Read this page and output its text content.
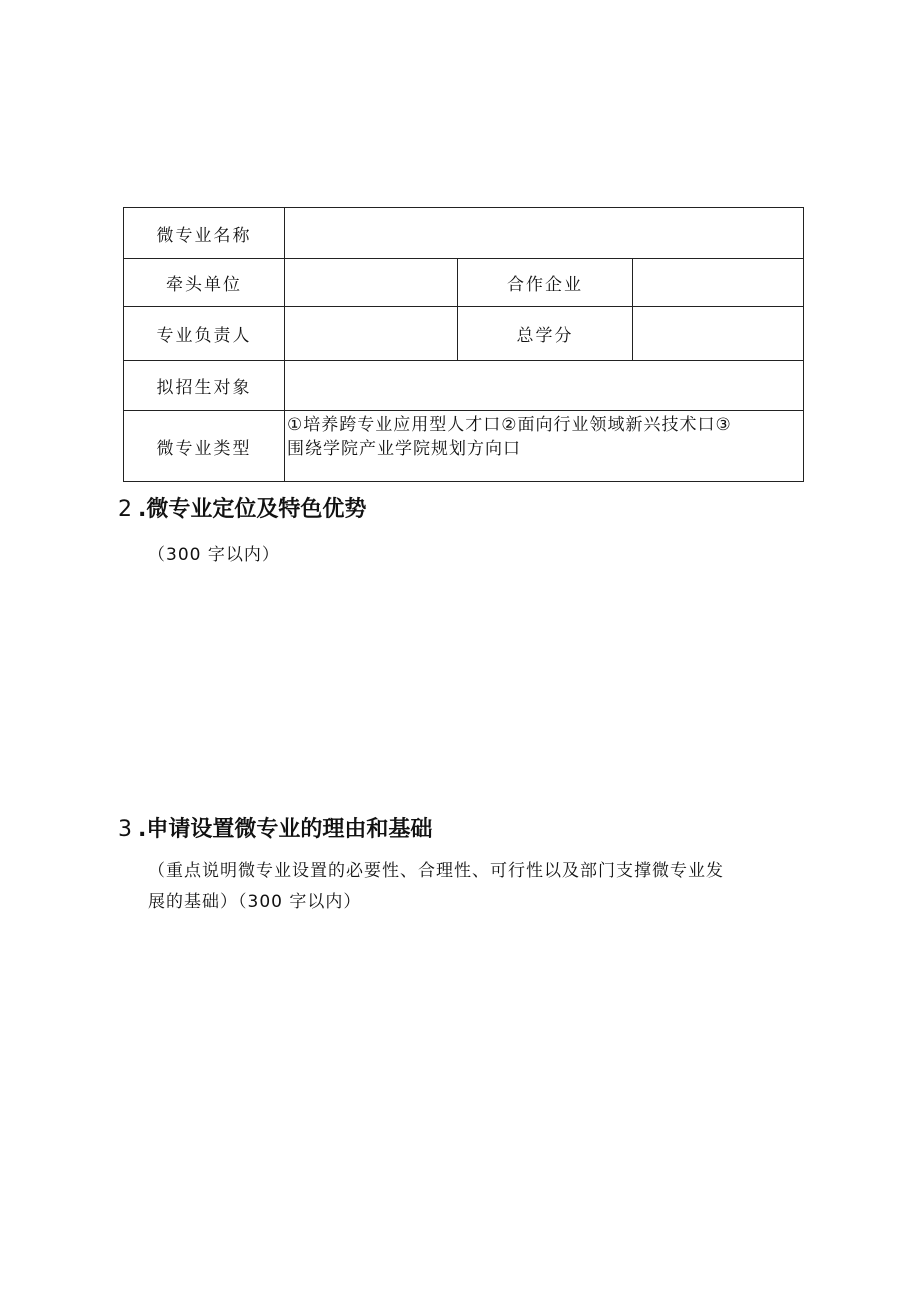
微专业名称			
牵头单位		合作企业	
专业负责人		总学分	
拟招生对象			
微专业类型	①培养跨专业应用型人才口②面向行业领域新兴技术口③
围绕学院产业学院规划方向口		
2 .微专业定位及特色优势

（300 字以内）

3 .申请设置微专业的理由和基础

（重点说明微专业设置的必要性、合理性、可行性以及部门支撑微专业发

展的基础）（300 字以内）
